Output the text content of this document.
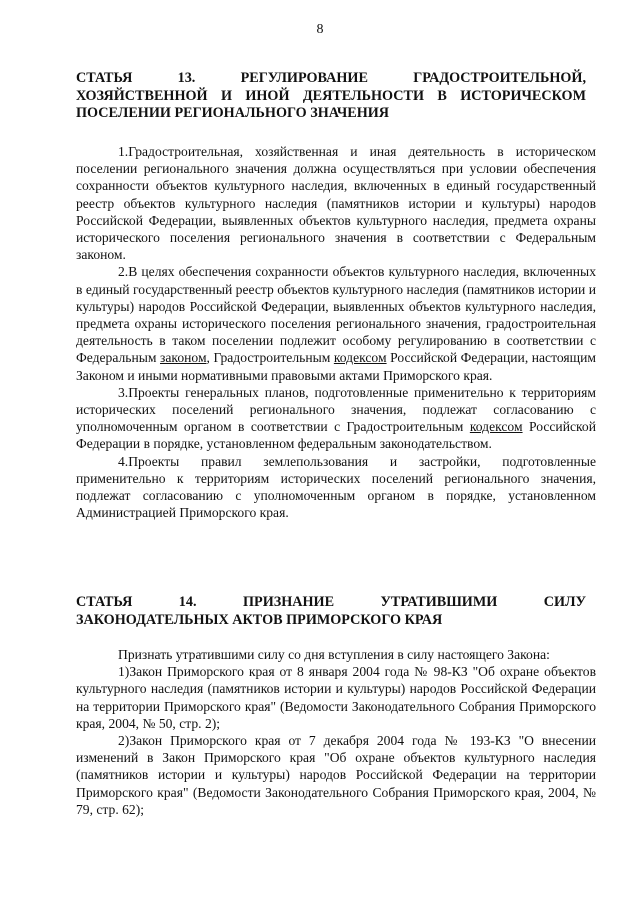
8
СТАТЬЯ 13. РЕГУЛИРОВАНИЕ ГРАДОСТРОИТЕЛЬНОЙ,
ХОЗЯЙСТВЕННОЙ И ИНОЙ ДЕЯТЕЛЬНОСТИ В ИСТОРИЧЕСКОМ ПОСЕЛЕНИИ РЕГИОНАЛЬНОГО ЗНАЧЕНИЯ

1.Градостроительная, хозяйственная и иная деятельность в историческом поселении регионального значения должна осуществляться при условии обеспечения сохранности объектов культурного наследия, включенных в единый государственный реестр объектов культурного наследия (памятников истории и культуры) народов Российской Федерации, выявленных объектов культурного наследия, предмета охраны исторического поселения регионального значения в соответствии с Федеральным законом.

2.В целях обеспечения сохранности объектов культурного наследия, включенных в единый государственный реестр объектов культурного наследия (памятников истории и культуры) народов Российской Федерации, выявленных объектов культурного наследия, предмета охраны исторического поселения регионального значения, градостроительная деятельность в таком поселении подлежит особому регулированию в соответствии с Федеральным законом, Градостроительным кодексом Российской Федерации, настоящим Законом и иными нормативными правовыми актами Приморского края.

3.Проекты генеральных планов, подготовленные применительно к территориям исторических поселений регионального значения, подлежат согласованию с уполномоченным органом в соответствии с Градостроительным кодексом Российской Федерации в порядке, установленном федеральным законодательством.

4.Проекты правил землепользования и застройки, подготовленные применительно к территориям исторических поселений регионального значения, подлежат согласованию с уполномоченным органом в порядке, установленном Администрацией Приморского края.

СТАТЬЯ 14. ПРИЗНАНИЕ УТРАТИВШИМИ СИЛУ
ЗАКОНОДАТЕЛЬНЫХ АКТОВ ПРИМОРСКОГО КРАЯ

Признать утратившими силу со дня вступления в силу настоящего Закона:

1)Закон Приморского края от 8 января 2004 года № 98-КЗ "Об охране объектов культурного наследия (памятников истории и культуры) народов Российской Федерации на территории Приморского края" (Ведомости Законодательного Собрания Приморского края, 2004, № 50, стр. 2);

2)Закон Приморского края от 7 декабря 2004 года № 193-КЗ "О внесении изменений в Закон Приморского края "Об охране объектов культурного наследия (памятников истории и культуры) народов Российской Федерации на территории Приморского края" (Ведомости Законодательного Собрания Приморского края, 2004, № 79, стр. 62);
